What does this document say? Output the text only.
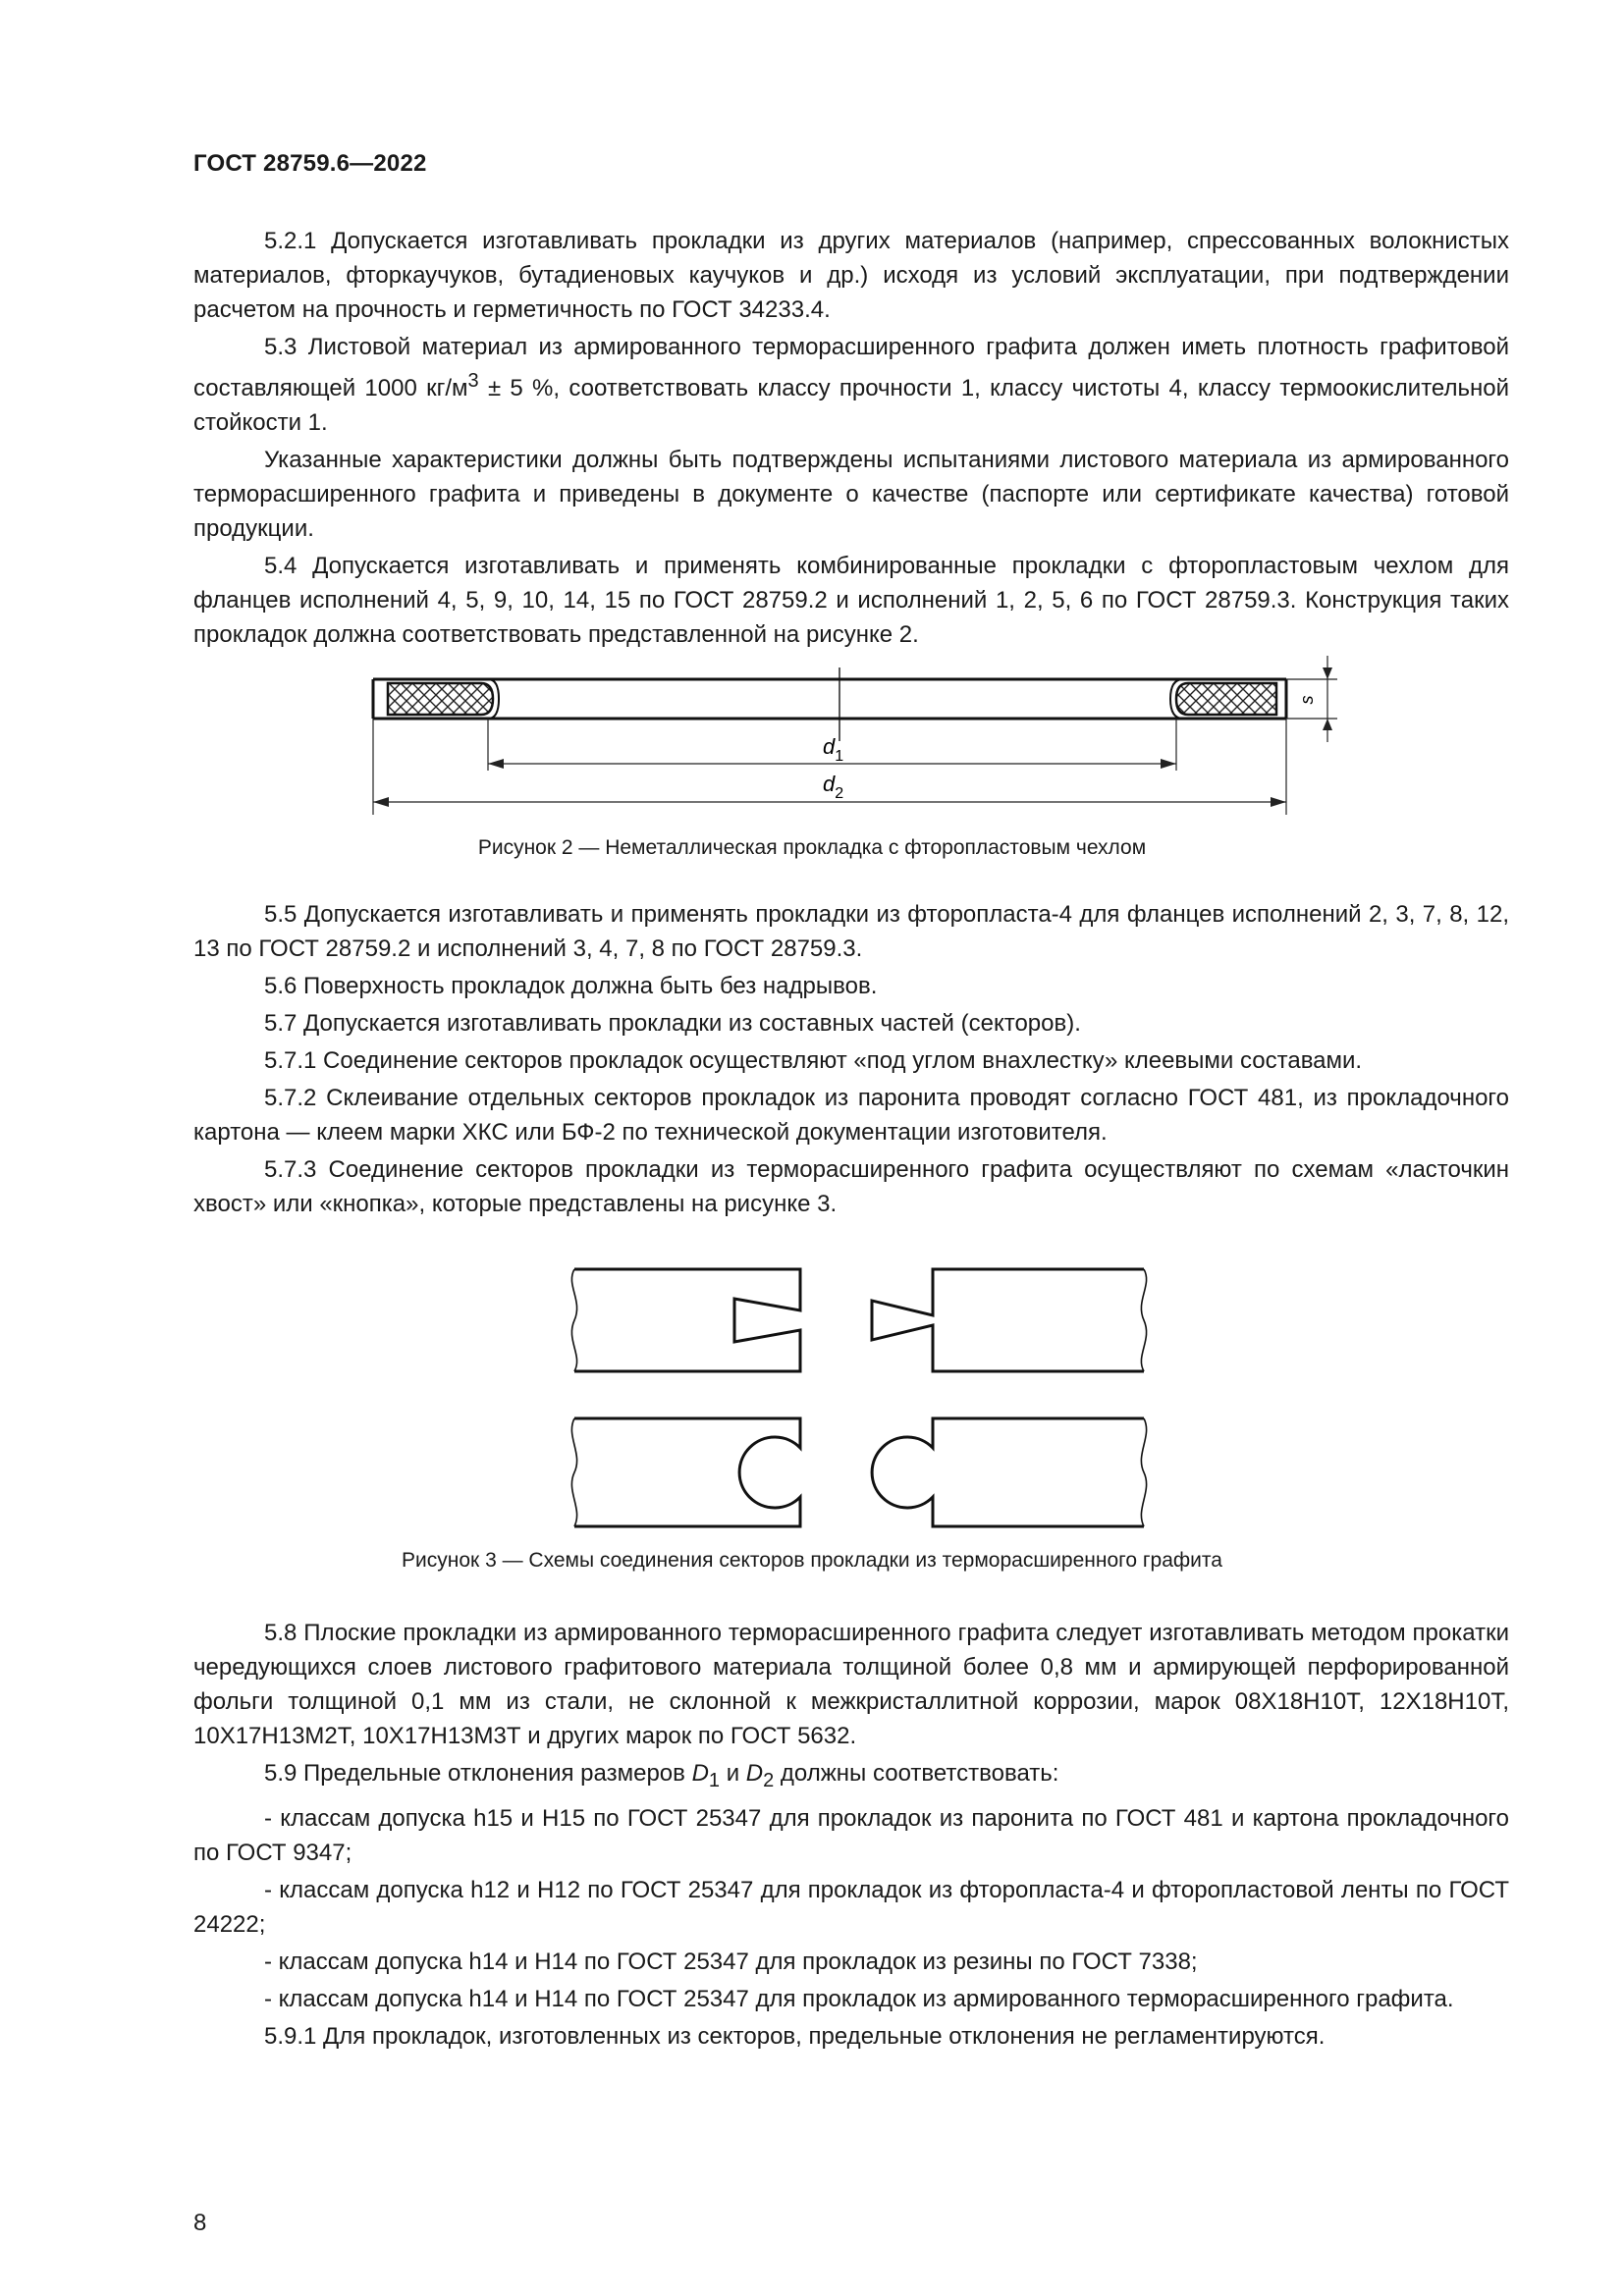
ГОСТ 28759.6—2022

5.2.1 Допускается изготавливать прокладки из других материалов (например, спрессованных волокнистых материалов, фторкаучуков, бутадиеновых каучуков и др.) исходя из условий эксплуатации, при подтверждении расчетом на прочность и герметичность по ГОСТ 34233.4.

5.3 Листовой материал из армированного терморасширенного графита должен иметь плотность графитовой составляющей 1000 $кг/м^3 \pm 5$ %, соответствовать классу прочности 1, классу чистоты 4, классу термоокислительной стойкости 1.

Указанные характеристики должны быть подтверждены испытаниями листового материала из армированного терморасширенного графита и приведены в документе о качестве (паспорте или сертификате качества) готовой продукции.

5.4 Допускается изготавливать и применять комбинированные прокладки с фторопластовым чехлом для фланцев исполнений 4, 5, 9, 10, 14, 15 по ГОСТ 28759.2 и исполнений 1, 2, 5, 6 по ГОСТ 28759.3. Конструкция таких прокладок должна соответствовать представленной на рисунке 2.

s
$d_1$
$d_2$
Рисунок 2 — Неметаллическая прокладка с фторопластовым чехлом

5.5 Допускается изготавливать и применять прокладки из фторопласта-4 для фланцев исполнений 2, 3, 7, 8, 12, 13 по ГОСТ 28759.2 и исполнений 3, 4, 7, 8 по ГОСТ 28759.3.

5.6 Поверхность прокладок должна быть без надрывов.

5.7 Допускается изготавливать прокладки из составных частей (секторов).

5.7.1 Соединение секторов прокладок осуществляют «под углом внахлестку» клеевыми составами.

5.7.2 Склеивание отдельных секторов прокладок из паронита проводят согласно ГОСТ 481, из прокладочного картона — клеем марки ХКС или БФ-2 по технической документации изготовителя.

5.7.3 Соединение секторов прокладки из терморасширенного графита осуществляют по схемам «ласточкин хвост» или «кнопка», которые представлены на рисунке 3.

Рисунок 3 — Схемы соединения секторов прокладки из терморасширенного графита

5.8 Плоские прокладки из армированного терморасширенного графита следует изготавливать методом прокатки чередующихся слоев листового графитового материала толщиной более 0,8 мм и армирующей перфорированной фольги толщиной 0,1 мм из стали, не склонной к межкристаллитной коррозии, марок 08Х18Н10Т, 12Х18Н10Т, 10Х17Н13М2Т, 10Х17Н13М3Т и других марок по ГОСТ 5632.

5.9 Предельные отклонения размеров $D_1$ и $D_2$ должны соответствовать:

- классам допуска h15 и H15 по ГОСТ 25347 для прокладок из паронита по ГОСТ 481 и картона прокладочного по ГОСТ 9347;

- классам допуска h12 и H12 по ГОСТ 25347 для прокладок из фторопласта-4 и фторопластовой ленты по ГОСТ 24222;

- классам допуска h14 и H14 по ГОСТ 25347 для прокладок из резины по ГОСТ 7338;

- классам допуска h14 и H14 по ГОСТ 25347 для прокладок из армированного терморасширенного графита.

5.9.1 Для прокладок, изготовленных из секторов, предельные отклонения не регламентируются.

8
